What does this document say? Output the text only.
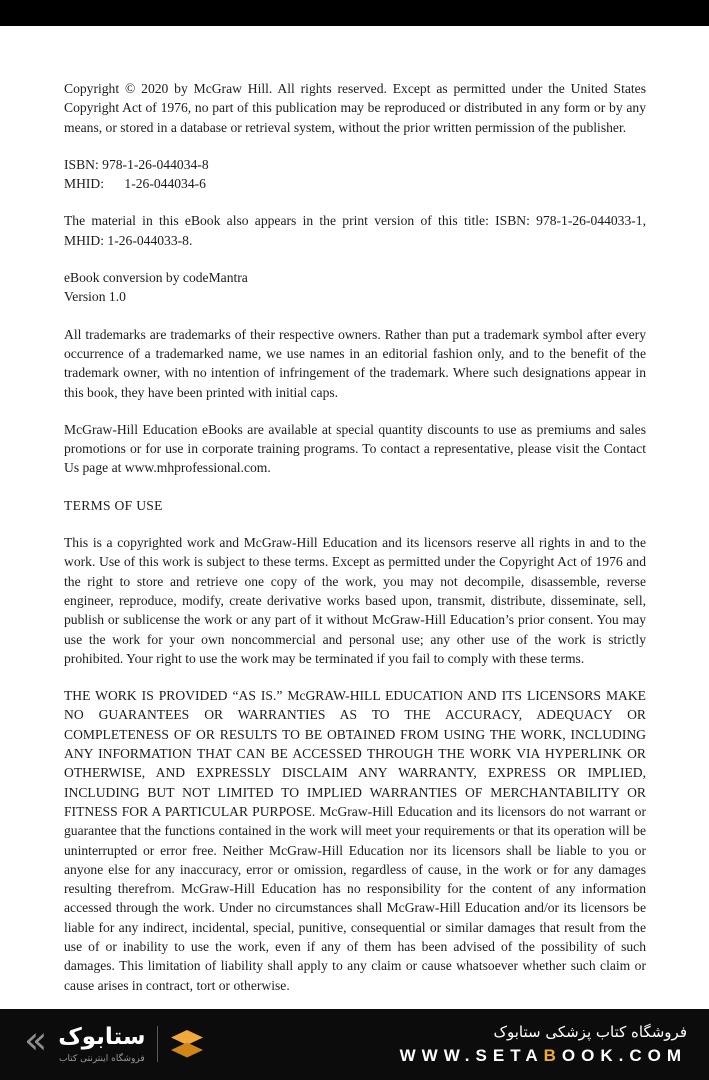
Copyright © 2020 by McGraw Hill. All rights reserved. Except as permitted under the United States Copyright Act of 1976, no part of this publication may be reproduced or distributed in any form or by any means, or stored in a database or retrieval system, without the prior written permission of the publisher.

ISBN: 978-1-26-044034-8

MHID:      1-26-044034-6

The material in this eBook also appears in the print version of this title: ISBN: 978-1-26-044033-1, MHID: 1-26-044033-8.

eBook conversion by codeMantra

Version 1.0

All trademarks are trademarks of their respective owners. Rather than put a trademark symbol after every occurrence of a trademarked name, we use names in an editorial fashion only, and to the benefit of the trademark owner, with no intention of infringement of the trademark. Where such designations appear in this book, they have been printed with initial caps.

McGraw-Hill Education eBooks are available at special quantity discounts to use as premiums and sales promotions or for use in corporate training programs. To contact a representative, please visit the Contact Us page at www.mhprofessional.com.

TERMS OF USE

This is a copyrighted work and McGraw-Hill Education and its licensors reserve all rights in and to the work. Use of this work is subject to these terms. Except as permitted under the Copyright Act of 1976 and the right to store and retrieve one copy of the work, you may not decompile, disassemble, reverse engineer, reproduce, modify, create derivative works based upon, transmit, distribute, disseminate, sell, publish or sublicense the work or any part of it without McGraw-Hill Education’s prior consent. You may use the work for your own noncommercial and personal use; any other use of the work is strictly prohibited. Your right to use the work may be terminated if you fail to comply with these terms.

THE WORK IS PROVIDED “AS IS.” McGRAW-HILL EDUCATION AND ITS LICENSORS MAKE NO GUARANTEES OR WARRANTIES AS TO THE ACCURACY, ADEQUACY OR COMPLETENESS OF OR RESULTS TO BE OBTAINED FROM USING THE WORK, INCLUDING ANY INFORMATION THAT CAN BE ACCESSED THROUGH THE WORK VIA HYPERLINK OR OTHERWISE, AND EXPRESSLY DISCLAIM ANY WARRANTY, EXPRESS OR IMPLIED, INCLUDING BUT NOT LIMITED TO IMPLIED WARRANTIES OF MERCHANTABILITY OR FITNESS FOR A PARTICULAR PURPOSE. McGraw-Hill Education and its licensors do not warrant or guarantee that the functions contained in the work will meet your requirements or that its operation will be uninterrupted or error free. Neither McGraw-Hill Education nor its licensors shall be liable to you or anyone else for any inaccuracy, error or omission, regardless of cause, in the work or for any damages resulting therefrom. McGraw-Hill Education has no responsibility for the content of any information accessed through the work. Under no circumstances shall McGraw-Hill Education and/or its licensors be liable for any indirect, incidental, special, punitive, consequential or similar damages that result from the use of or inability to use the work, even if any of them has been advised of the possibility of such damages. This limitation of liability shall apply to any claim or cause whatsoever whether such claim or cause arises in contract, tort or otherwise.

« ستابوک
فروشگاه اینترنتی کتاب
فروشگاه کتاب پزشکی ستابوک
WWW.SETABOOK.COM
